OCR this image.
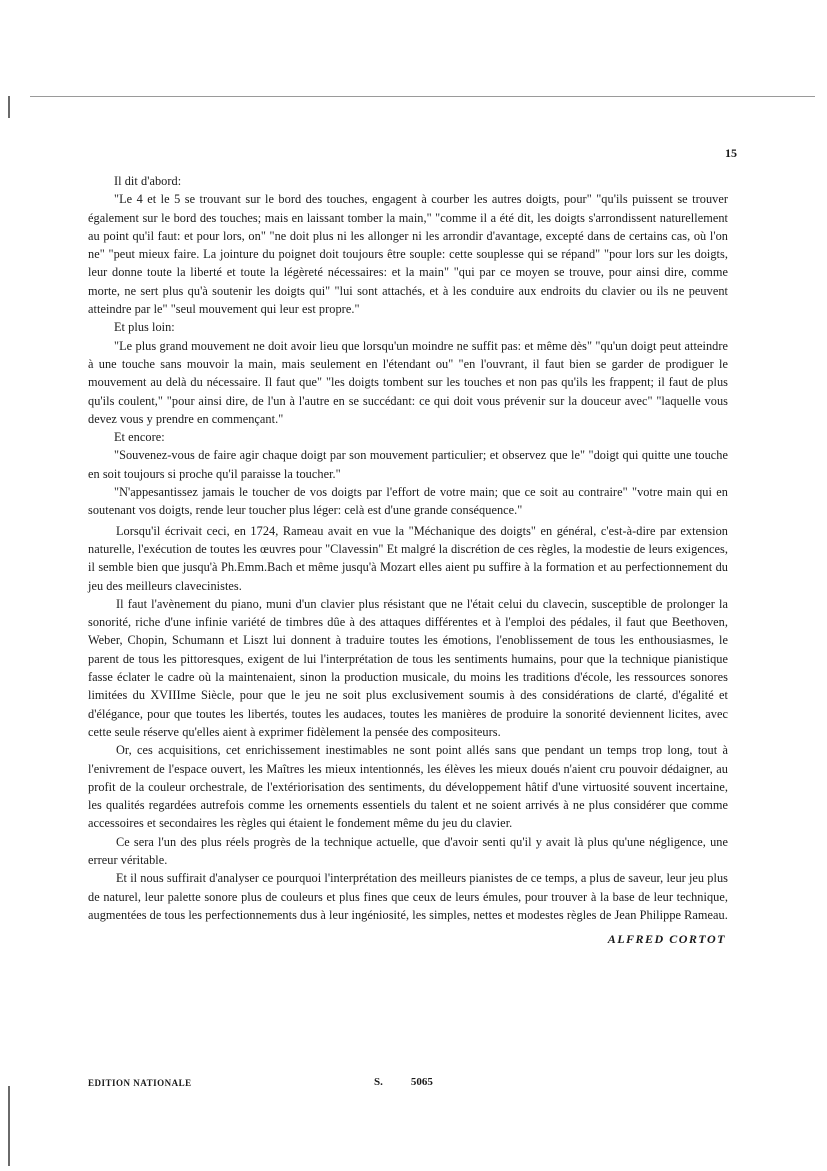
15

Il dit d'abord:

"Le 4 et le 5 se trouvant sur le bord des touches, engagent à courber les autres doigts, pour" "qu'ils puissent se trouver également sur le bord des touches; mais en laissant tomber la main," "comme il a été dit, les doigts s'arrondissent naturellement au point qu'il faut: et pour lors, on" "ne doit plus ni les allonger ni les arrondir d'avantage, excepté dans de certains cas, où l'on ne" "peut mieux faire. La jointure du poignet doit toujours être souple: cette souplesse qui se répand" "pour lors sur les doigts, leur donne toute la liberté et toute la légèreté nécessaires: et la main" "qui par ce moyen se trouve, pour ainsi dire, comme morte, ne sert plus qu'à soutenir les doigts qui" "lui sont attachés, et à les conduire aux endroits du clavier ou ils ne peuvent atteindre par le" "seul mouvement qui leur est propre."

Et plus loin:

"Le plus grand mouvement ne doit avoir lieu que lorsqu'un moindre ne suffit pas: et même dès" "qu'un doigt peut atteindre à une touche sans mouvoir la main, mais seulement en l'étendant ou" "en l'ouvrant, il faut bien se garder de prodiguer le mouvement au delà du nécessaire. Il faut que" "les doigts tombent sur les touches et non pas qu'ils les frappent; il faut de plus qu'ils coulent," "pour ainsi dire, de l'un à l'autre en se succédant: ce qui doit vous prévenir sur la douceur avec" "laquelle vous devez vous y prendre en commençant."

Et encore:

"Souvenez-vous de faire agir chaque doigt par son mouvement particulier; et observez que le" "doigt qui quitte une touche en soit toujours si proche qu'il paraisse la toucher."

"N'appesantissez jamais le toucher de vos doigts par l'effort de votre main; que ce soit au contraire" "votre main qui en soutenant vos doigts, rende leur toucher plus léger: celà est d'une grande conséquence."

Lorsqu'il écrivait ceci, en 1724, Rameau avait en vue la "Méchanique des doigts" en général, c'est-à-dire par extension naturelle, l'exécution de toutes les œuvres pour "Clavessin" Et malgré la discrétion de ces règles, la modestie de leurs exigences, il semble bien que jusqu'à Ph.Emm.Bach et même jusqu'à Mozart elles aient pu suffire à la formation et au perfectionnement du jeu des meilleurs clavecinistes.

Il faut l'avènement du piano, muni d'un clavier plus résistant que ne l'était celui du clavecin, susceptible de prolonger la sonorité, riche d'une infinie variété de timbres dûe à des attaques différentes et à l'emploi des pédales, il faut que Beethoven, Weber, Chopin, Schumann et Liszt lui donnent à traduire toutes les émotions, l'enoblissement de tous les enthousiasmes, le parent de tous les pittoresques, exigent de lui l'interprétation de tous les sentiments humains, pour que la technique pianistique fasse éclater le cadre où la maintenaient, sinon la production musicale, du moins les traditions d'école, les ressources sonores limitées du XVIIIme Siècle, pour que le jeu ne soit plus exclusivement soumis à des considérations de clarté, d'égalité et d'élégance, pour que toutes les libertés, toutes les audaces, toutes les manières de produire la sonorité deviennent licites, avec cette seule réserve qu'elles aient à exprimer fidèlement la pensée des compositeurs.

Or, ces acquisitions, cet enrichissement inestimables ne sont point allés sans que pendant un temps trop long, tout à l'enivrement de l'espace ouvert, les Maîtres les mieux intentionnés, les élèves les mieux doués n'aient cru pouvoir dédaigner, au profit de la couleur orchestrale, de l'extériorisation des sentiments, du développement hâtif d'une virtuosité souvent incertaine, les qualités regardées autrefois comme les ornements essentiels du talent et ne soient arrivés à ne plus considérer que comme accessoires et secondaires les règles qui étaient le fondement même du jeu du clavier.

Ce sera l'un des plus réels progrès de la technique actuelle, que d'avoir senti qu'il y avait là plus qu'une négligence, une erreur véritable.

Et il nous suffirait d'analyser ce pourquoi l'interprétation des meilleurs pianistes de ce temps, a plus de saveur, leur jeu plus de naturel, leur palette sonore plus de couleurs et plus fines que ceux de leurs émules, pour trouver à la base de leur technique, augmentées de tous les perfectionnements dus à leur ingéniosité, les simples, nettes et modestes règles de Jean Philippe Rameau.

ALFRED CORTOT
EDITION NATIONALE	S.	5065
